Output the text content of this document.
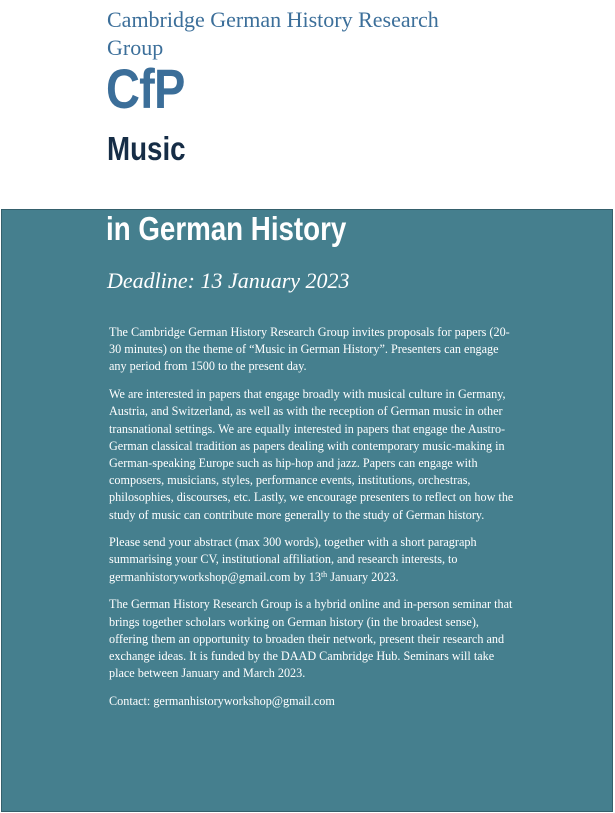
Cambridge German History Research Group
CfP
Music
in German History
Deadline: 13 January 2023

The Cambridge German History Research Group invites proposals for papers (20-30 minutes) on the theme of “Music in German History”. Presenters can engage any period from 1500 to the present day.

We are interested in papers that engage broadly with musical culture in Germany, Austria, and Switzerland, as well as with the reception of German music in other transnational settings. We are equally interested in papers that engage the Austro-German classical tradition as papers dealing with contemporary music-making in German-speaking Europe such as hip-hop and jazz. Papers can engage with composers, musicians, styles, performance events, institutions, orchestras, philosophies, discourses, etc. Lastly, we encourage presenters to reflect on how the study of music can contribute more generally to the study of German history.

Please send your abstract (max 300 words), together with a short paragraph summarising your CV, institutional affiliation, and research interests, to germanhistoryworkshop@gmail.com by 13th January 2023.

The German History Research Group is a hybrid online and in-person seminar that brings together scholars working on German history (in the broadest sense), offering them an opportunity to broaden their network, present their research and exchange ideas. It is funded by the DAAD Cambridge Hub. Seminars will take place between January and March 2023.

Contact: germanhistoryworkshop@gmail.com
